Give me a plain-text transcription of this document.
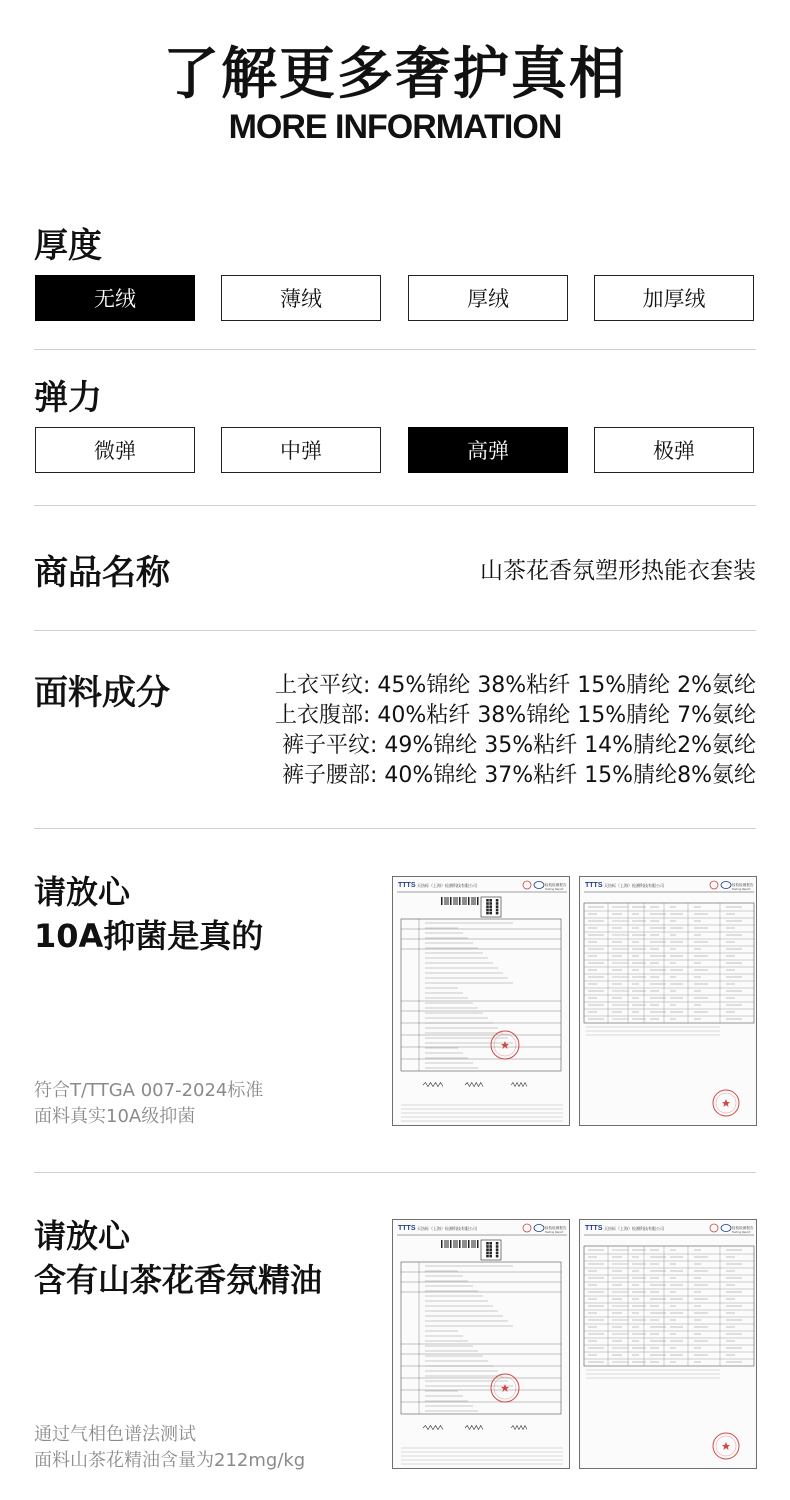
了解更多奢护真相
MORE INFORMATION
厚度
无绒	薄绒	厚绒	加厚绒
弹力
微弹	中弹	高弹	极弹
商品名称	山茶花香氛塑形热能衣套装
面料成分	上衣平纹: 45%锦纶 38%粘纤 15%腈纶 2%氨纶
上衣腹部: 40%粘纤 38%锦纶 15%腈纶 7%氨纶
裤子平纹: 49%锦纶 35%粘纤 14%腈纶2%氨纶
裤子腰部: 40%锦纶 37%粘纤 15%腈纶8%氨纶
请放心
10A抑菌是真的
符合T/TTGA 007-2024标准
面料真实10A级抑菌
TTTS 天纺标（上海）检测科技有限公司	检验检测报告
Testing Report
TTTS 天纺标（上海）检测科技有限公司	检验检测报告
Testing Report
请放心
含有山茶花香氛精油
通过气相色谱法测试
面料山茶花精油含量为212mg/kg
TTTS 天纺标（上海）检测科技有限公司	检验检测报告
Testing Report
TTTS 天纺标（上海）检测科技有限公司	检验检测报告
Testing Report
